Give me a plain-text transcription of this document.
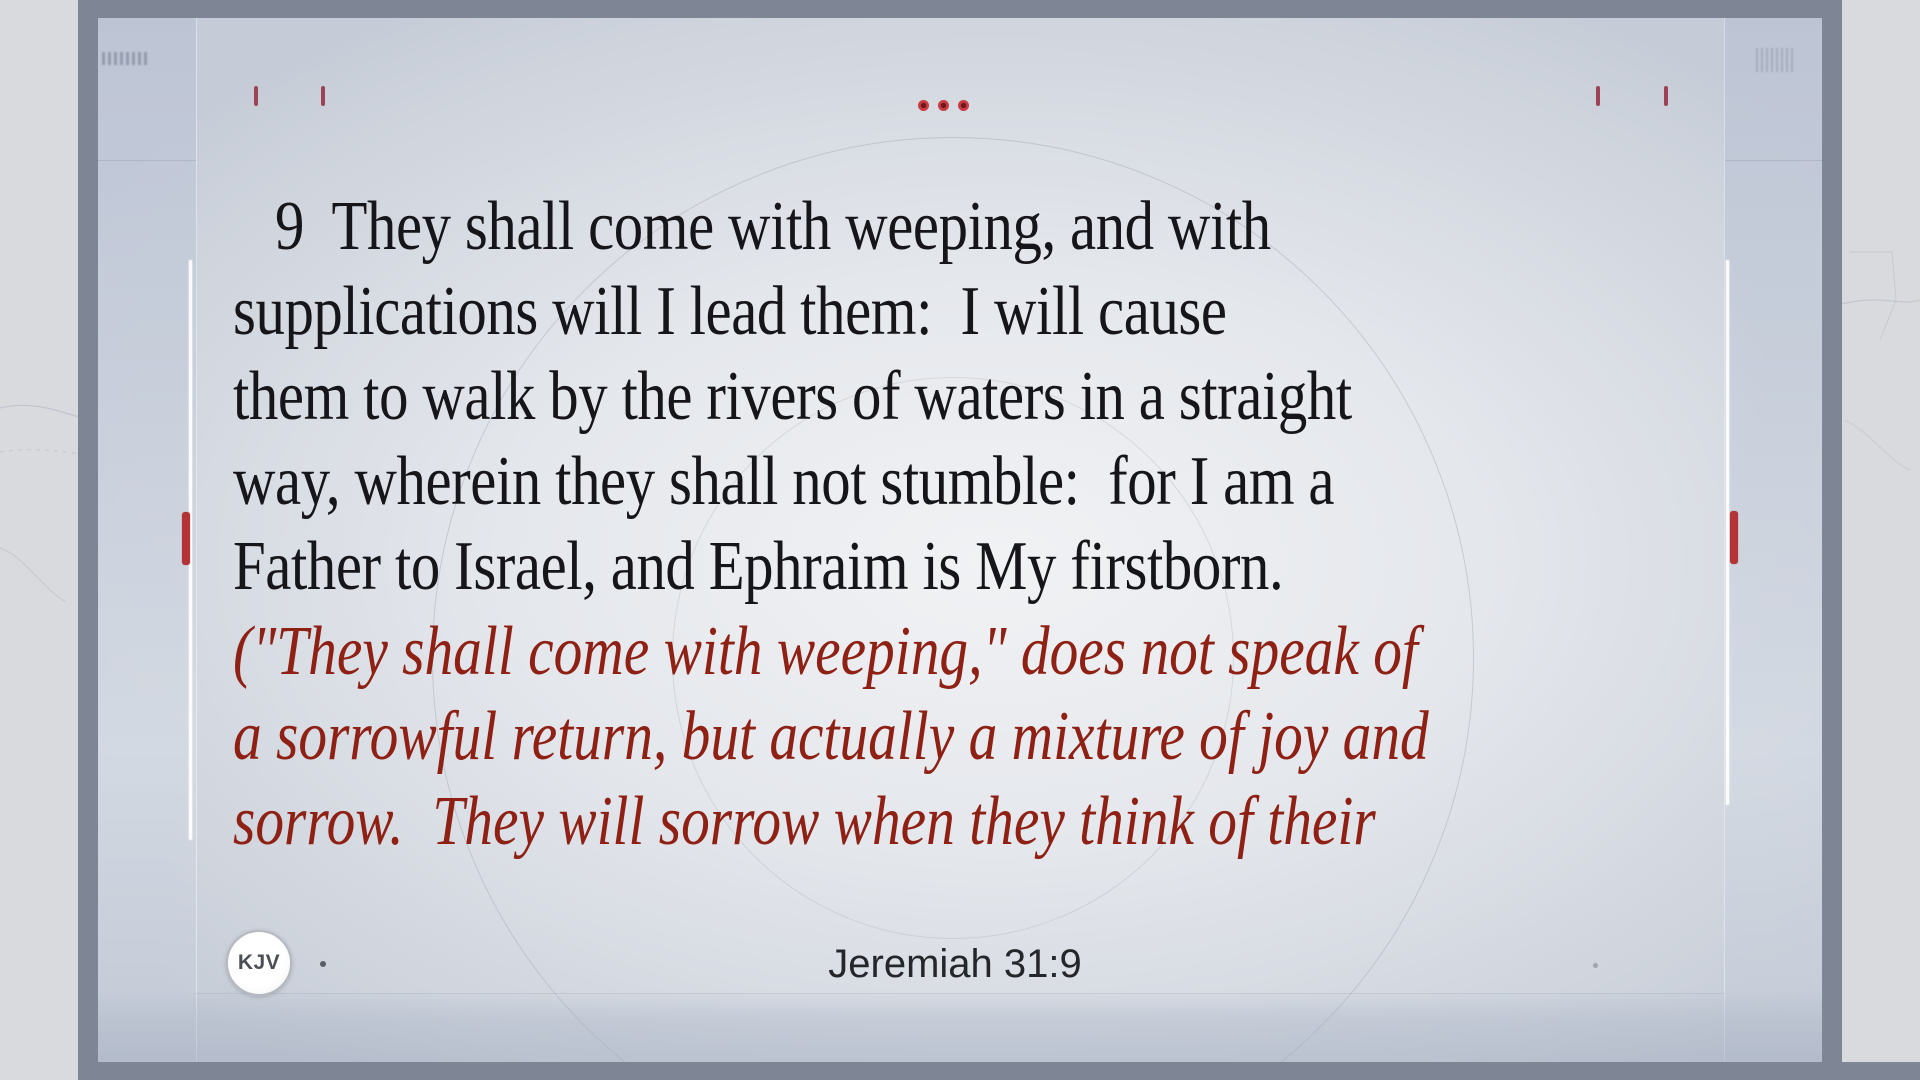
9  They shall come with weeping, and with
supplications will I lead them:  I will cause
them to walk by the rivers of waters in a straight
way, wherein they shall not stumble:  for I am a
Father to Israel, and Ephraim is My firstborn.
("They shall come with weeping," does not speak of
a sorrowful return, but actually a mixture of joy and
sorrow.  They will sorrow when they think of their
KJV	Jeremiah 31:9
